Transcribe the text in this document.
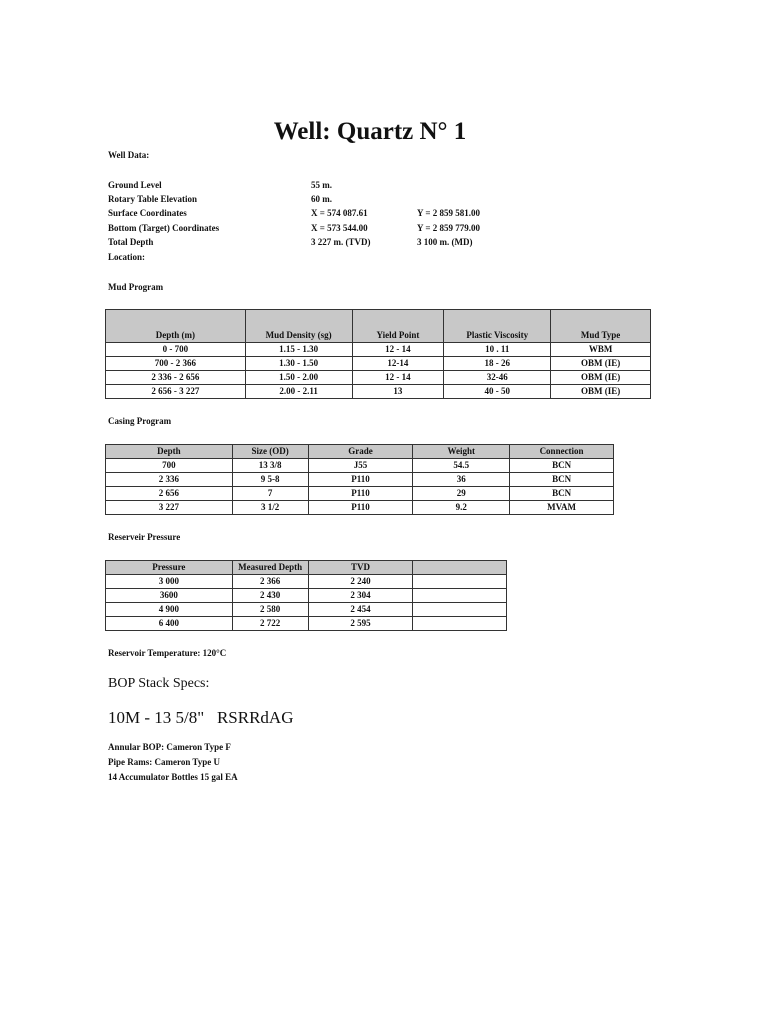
Well: Quartz N° 1
Well Data:
Ground Level	55 m.
Rotary Table Elevation	60 m.
Surface Coordinates	X = 574 087.61	Y = 2 859 581.00
Bottom (Target) Coordinates	X = 573 544.00	Y = 2 859 779.00
Total Depth	3 227 m. (TVD)	3 100 m. (MD)
Location:
Mud Program
Depth (m)	Mud Density (sg)	Yield Point	Plastic Viscosity	Mud Type
0 - 700	1.15 - 1.30	12 - 14	10 . 11	WBM
700 - 2 366	1.30 - 1.50	12-14	18 - 26	OBM (IE)
2 336 - 2 656	1.50 - 2.00	12 - 14	32-46	OBM (IE)
2 656 - 3 227	2.00 - 2.11	13	40 - 50	OBM (IE)
Casing Program
Depth	Size (OD)	Grade	Weight	Connection
700	13 3/8	J55	54.5	BCN
2 336	9 5-8	P110	36	BCN
2 656	7	P110	29	BCN
3 227	3 1/2	P110	9.2	MVAM
Reserveir Pressure
Pressure	Measured Depth	TVD	
3 000	2 366	2 240	
3600	2 430	2 304	
4 900	2 580	2 454	
6 400	2 722	2 595	
Reservoir Temperature: 120°C
BOP Stack Specs:
10M - 13 5/8"   RSRRdAG
Annular BOP: Cameron Type F
Pipe Rams: Cameron Type U
14 Accumulator Bottles 15 gal EA
